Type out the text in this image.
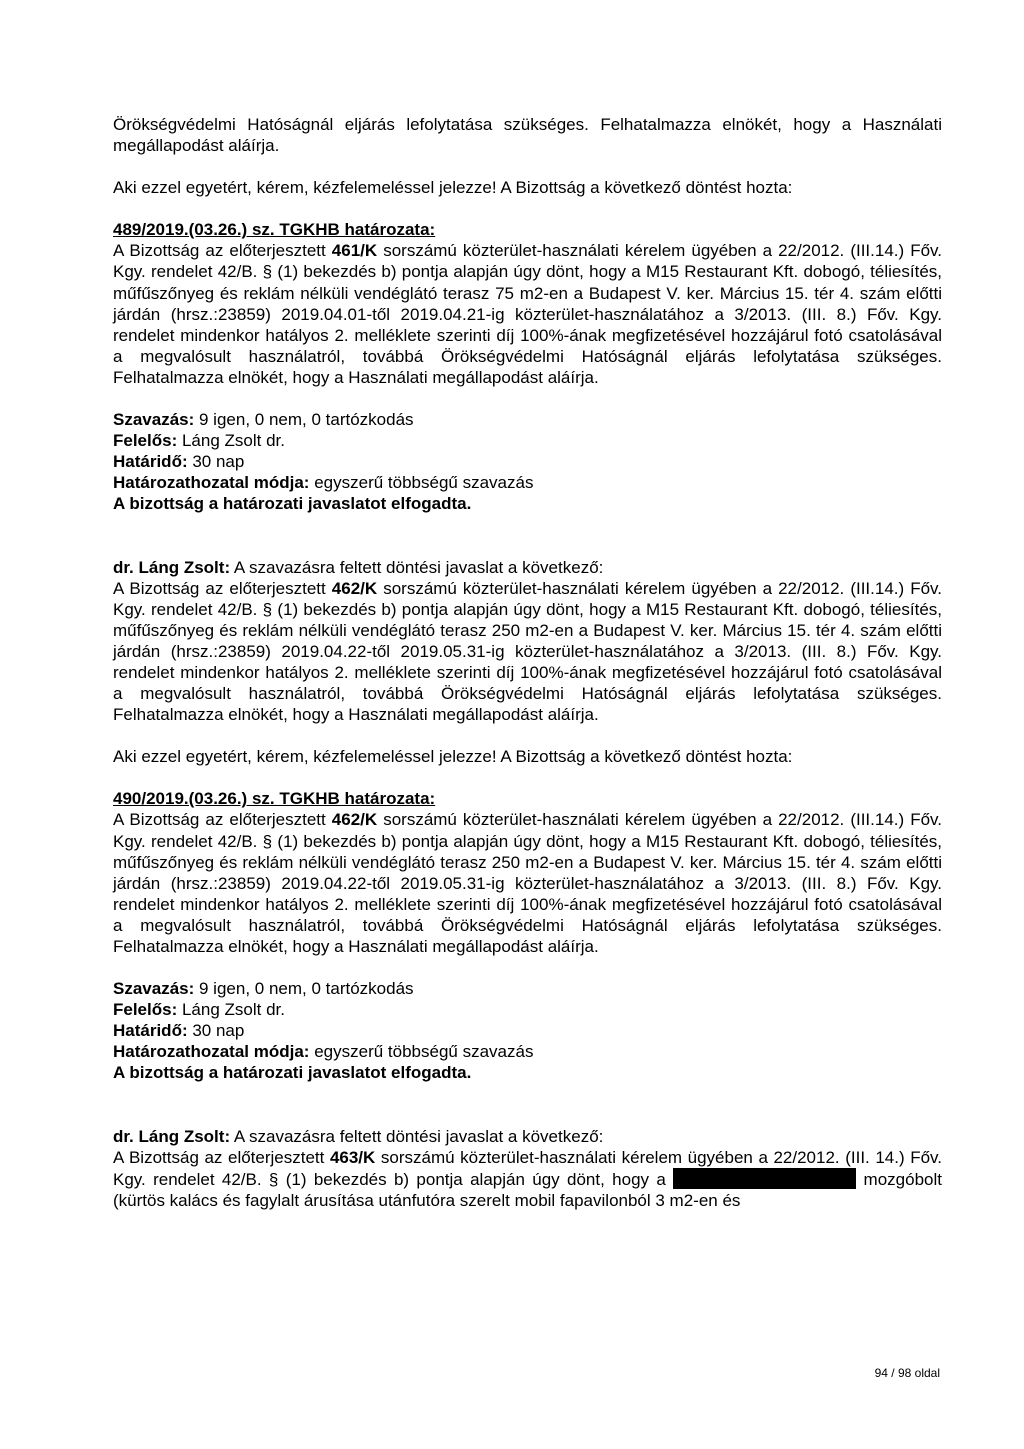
Örökségvédelmi Hatóságnál eljárás lefolytatása szükséges. Felhatalmazza elnökét, hogy a Használati megállapodást aláírja.

Aki ezzel egyetért, kérem, kézfelemeléssel jelezze! A Bizottság a következő döntést hozta:

489/2019.(03.26.) sz. TGKHB határozata:

A Bizottság az előterjesztett 461/K sorszámú közterület-használati kérelem ügyében a 22/2012. (III.14.) Főv. Kgy. rendelet 42/B. § (1) bekezdés b) pontja alapján úgy dönt, hogy a M15 Restaurant Kft. dobogó, téliesítés, műfűszőnyeg és reklám nélküli vendéglátó terasz 75 m2-en a Budapest V. ker. Március 15. tér 4. szám előtti járdán (hrsz.:23859) 2019.04.01-től 2019.04.21-ig közterület-használatához a 3/2013. (III. 8.) Főv. Kgy. rendelet mindenkor hatályos 2. melléklete szerinti díj 100%-ának megfizetésével hozzájárul fotó csatolásával a megvalósult használatról, továbbá Örökségvédelmi Hatóságnál eljárás lefolytatása szükséges. Felhatalmazza elnökét, hogy a Használati megállapodást aláírja.

Szavazás: 9 igen, 0 nem, 0 tartózkodás

Felelős: Láng Zsolt dr.

Határidő: 30 nap

Határozathozatal módja: egyszerű többségű szavazás

A bizottság a határozati javaslatot elfogadta.

dr. Láng Zsolt: A szavazásra feltett döntési javaslat a következő:

A Bizottság az előterjesztett 462/K sorszámú közterület-használati kérelem ügyében a 22/2012. (III.14.) Főv. Kgy. rendelet 42/B. § (1) bekezdés b) pontja alapján úgy dönt, hogy a M15 Restaurant Kft. dobogó, téliesítés, műfűszőnyeg és reklám nélküli vendéglátó terasz 250 m2-en a Budapest V. ker. Március 15. tér 4. szám előtti járdán (hrsz.:23859) 2019.04.22-től 2019.05.31-ig közterület-használatához a 3/2013. (III. 8.) Főv. Kgy. rendelet mindenkor hatályos 2. melléklete szerinti díj 100%-ának megfizetésével hozzájárul fotó csatolásával a megvalósult használatról, továbbá Örökségvédelmi Hatóságnál eljárás lefolytatása szükséges. Felhatalmazza elnökét, hogy a Használati megállapodást aláírja.

Aki ezzel egyetért, kérem, kézfelemeléssel jelezze! A Bizottság a következő döntést hozta:

490/2019.(03.26.) sz. TGKHB határozata:

A Bizottság az előterjesztett 462/K sorszámú közterület-használati kérelem ügyében a 22/2012. (III.14.) Főv. Kgy. rendelet 42/B. § (1) bekezdés b) pontja alapján úgy dönt, hogy a M15 Restaurant Kft. dobogó, téliesítés, műfűszőnyeg és reklám nélküli vendéglátó terasz 250 m2-en a Budapest V. ker. Március 15. tér 4. szám előtti járdán (hrsz.:23859) 2019.04.22-től 2019.05.31-ig közterület-használatához a 3/2013. (III. 8.) Főv. Kgy. rendelet mindenkor hatályos 2. melléklete szerinti díj 100%-ának megfizetésével hozzájárul fotó csatolásával a megvalósult használatról, továbbá Örökségvédelmi Hatóságnál eljárás lefolytatása szükséges. Felhatalmazza elnökét, hogy a Használati megállapodást aláírja.

Szavazás: 9 igen, 0 nem, 0 tartózkodás

Felelős: Láng Zsolt dr.

Határidő: 30 nap

Határozathozatal módja: egyszerű többségű szavazás

A bizottság a határozati javaslatot elfogadta.

dr. Láng Zsolt: A szavazásra feltett döntési javaslat a következő:

A Bizottság az előterjesztett 463/K sorszámú közterület-használati kérelem ügyében a 22/2012. (III. 14.) Főv. Kgy. rendelet 42/B. § (1) bekezdés b) pontja alapján úgy dönt, hogy a	mozgóbolt (kürtös kalács és fagylalt árusítása utánfutóra szerelt mobil fapavilonból 3 m2-en és

94 / 98 oldal
